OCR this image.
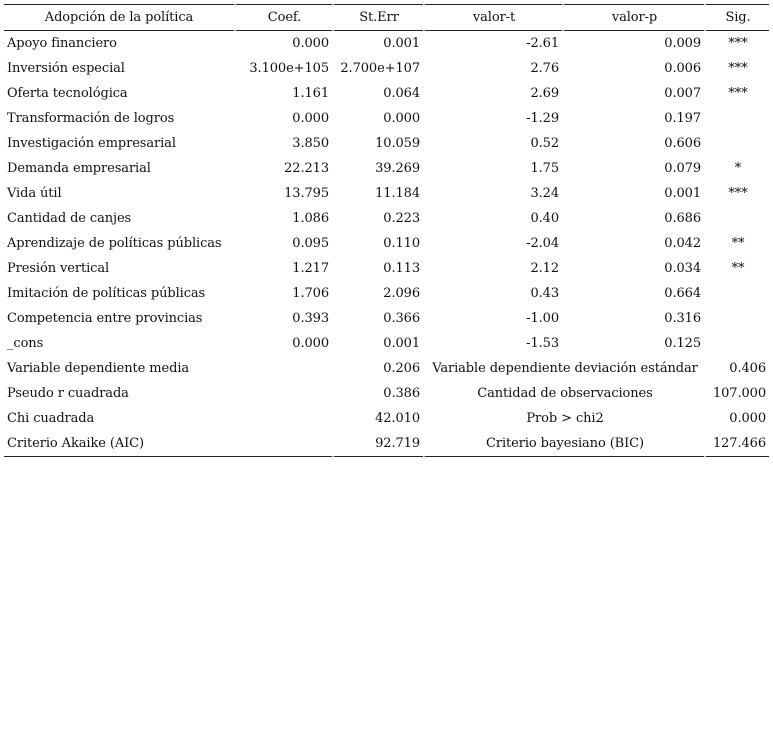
Adopción de la política	Coef.	St.Err	valor-t	valor-p	Sig.
Apoyo financiero	0.000	0.001	-2.61	0.009	***
Inversión especial	3.100e+105	2.700e+107	2.76	0.006	***
Oferta tecnológica	1.161	0.064	2.69	0.007	***
Transformación de logros	0.000	0.000	-1.29	0.197	
Investigación empresarial	3.850	10.059	0.52	0.606	
Demanda empresarial	22.213	39.269	1.75	0.079	*
Vida útil	13.795	11.184	3.24	0.001	***
Cantidad de canjes	1.086	0.223	0.40	0.686	
Aprendizaje de políticas públicas	0.095	0.110	-2.04	0.042	**
Presión vertical	1.217	0.113	2.12	0.034	**
Imitación de políticas públicas	1.706	2.096	0.43	0.664	
Competencia entre provincias	0.393	0.366	-1.00	0.316	
_cons	0.000	0.001	-1.53	0.125	
Variable dependiente media		0.206	Variable dependiente deviación estándar		0.406
Pseudo r cuadrada		0.386	Cantidad de observaciones		107.000
Chi cuadrada		42.010	Prob > chi2		0.000
Criterio Akaike (AIC)		92.719	Criterio bayesiano (BIC)		127.466
